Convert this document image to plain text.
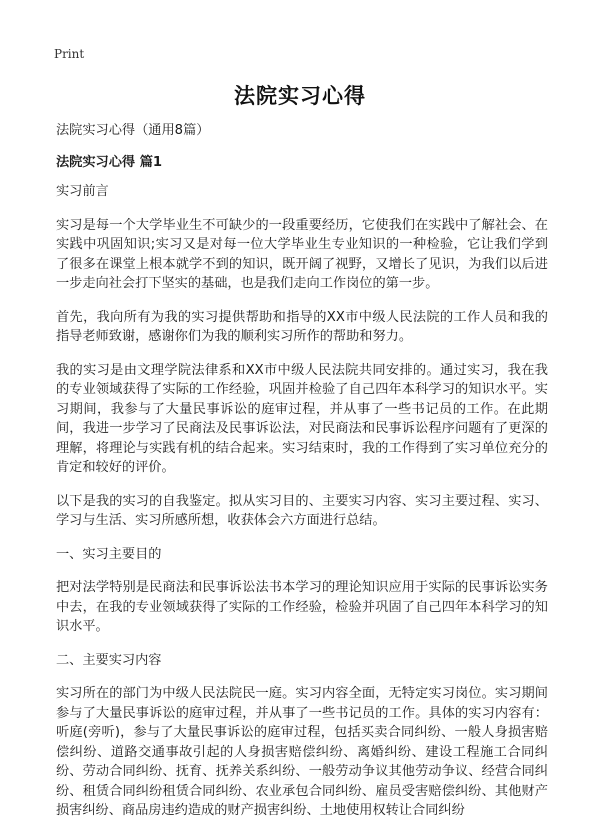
Print
法院实习心得

法院实习心得（通用8篇）

法院实习心得 篇1

实习前言

实习是每一个大学毕业生不可缺少的一段重要经历，它使我们在实践中了解社会、在实践中巩固知识;实习又是对每一位大学毕业生专业知识的一种检验，它让我们学到了很多在课堂上根本就学不到的知识，既开阔了视野，又增长了见识，为我们以后进一步走向社会打下坚实的基础，也是我们走向工作岗位的第一步。

首先，我向所有为我的实习提供帮助和指导的XX市中级人民法院的工作人员和我的指导老师致谢，感谢你们为我的顺利实习所作的帮助和努力。

我的实习是由文理学院法律系和XX市中级人民法院共同安排的。通过实习，我在我的专业领域获得了实际的工作经验，巩固并检验了自己四年本科学习的知识水平。实习期间，我参与了大量民事诉讼的庭审过程，并从事了一些书记员的工作。在此期间，我进一步学习了民商法及民事诉讼法，对民商法和民事诉讼程序问题有了更深的理解，将理论与实践有机的结合起来。实习结束时，我的工作得到了实习单位充分的肯定和较好的评价。

以下是我的实习的自我鉴定。拟从实习目的、主要实习内容、实习主要过程、实习、学习与生活、实习所感所想，收获体会六方面进行总结。

一、实习主要目的

把对法学特别是民商法和民事诉讼法书本学习的理论知识应用于实际的民事诉讼实务中去，在我的专业领域获得了实际的工作经验，检验并巩固了自己四年本科学习的知识水平。

二、主要实习内容

实习所在的部门为中级人民法院民一庭。实习内容全面，无特定实习岗位。实习期间参与了大量民事诉讼的庭审过程，并从事了一些书记员的工作。具体的实习内容有：听庭(旁听)，参与了大量民事诉讼的庭审过程，包括买卖合同纠纷、一般人身损害赔偿纠纷、道路交通事故引起的人身损害赔偿纠纷、离婚纠纷、建设工程施工合同纠纷、劳动合同纠纷、抚育、抚养关系纠纷、一般劳动争议其他劳动争议、经营合同纠纷、租赁合同纠纷租赁合同纠纷、农业承包合同纠纷、雇员受害赔偿纠纷、其他财产损害纠纷、商品房违约造成的财产损害纠纷、土地使用权转让合同纠纷
